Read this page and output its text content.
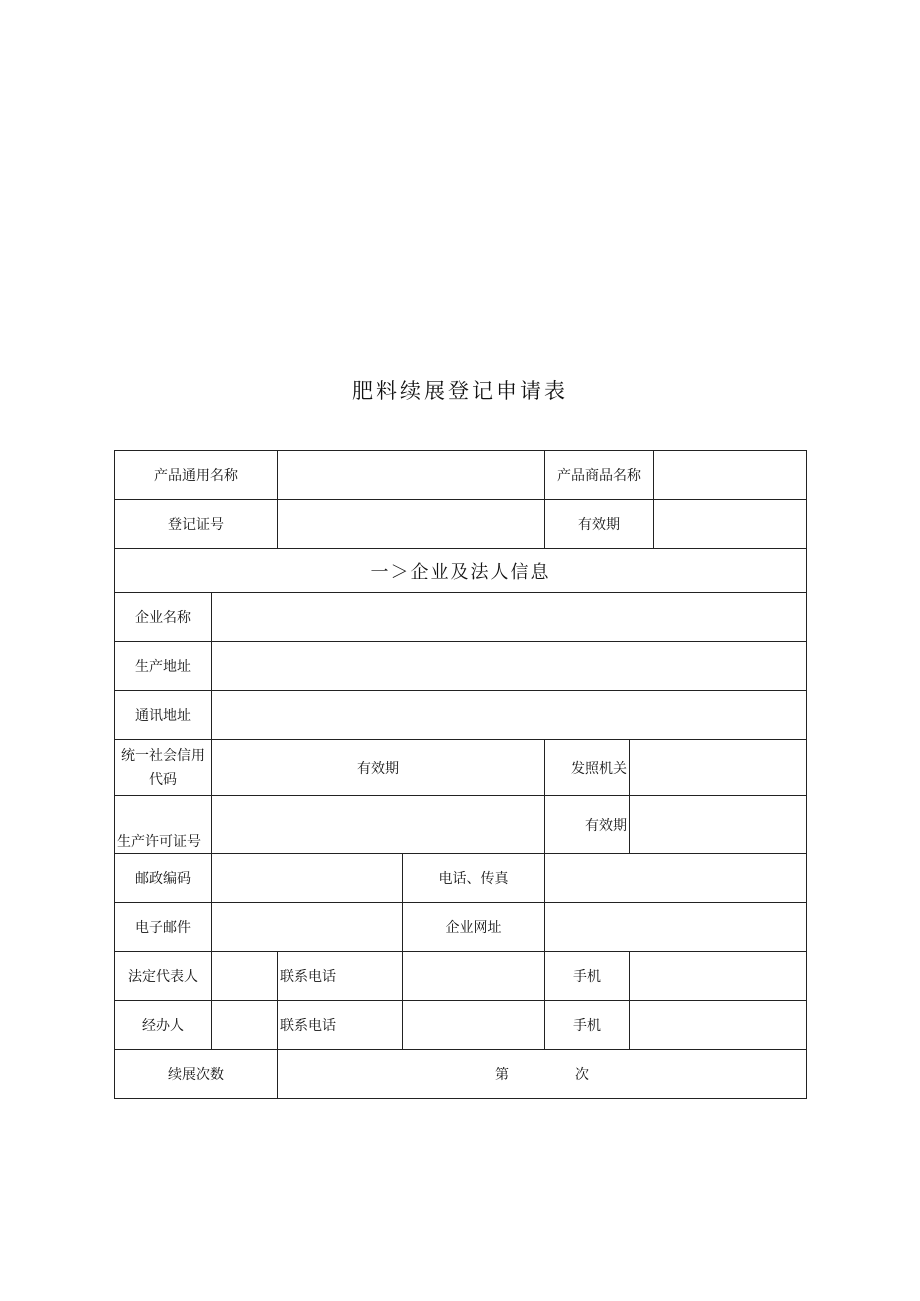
肥料续展登记申请表
产品通用名称				产品商品名称		
登记证号				有效期		
一＞企业及法人信息						
企业名称						
生产地址						
通讯地址						
统一社会信用
代码	有效期			发照机关		
生产许可证号				有效期		
邮政编码			电话、传真			
电子邮件			企业网址			
法定代表人		联系电话		手机		
经办人		联系电话		手机		
续展次数		第 次				
